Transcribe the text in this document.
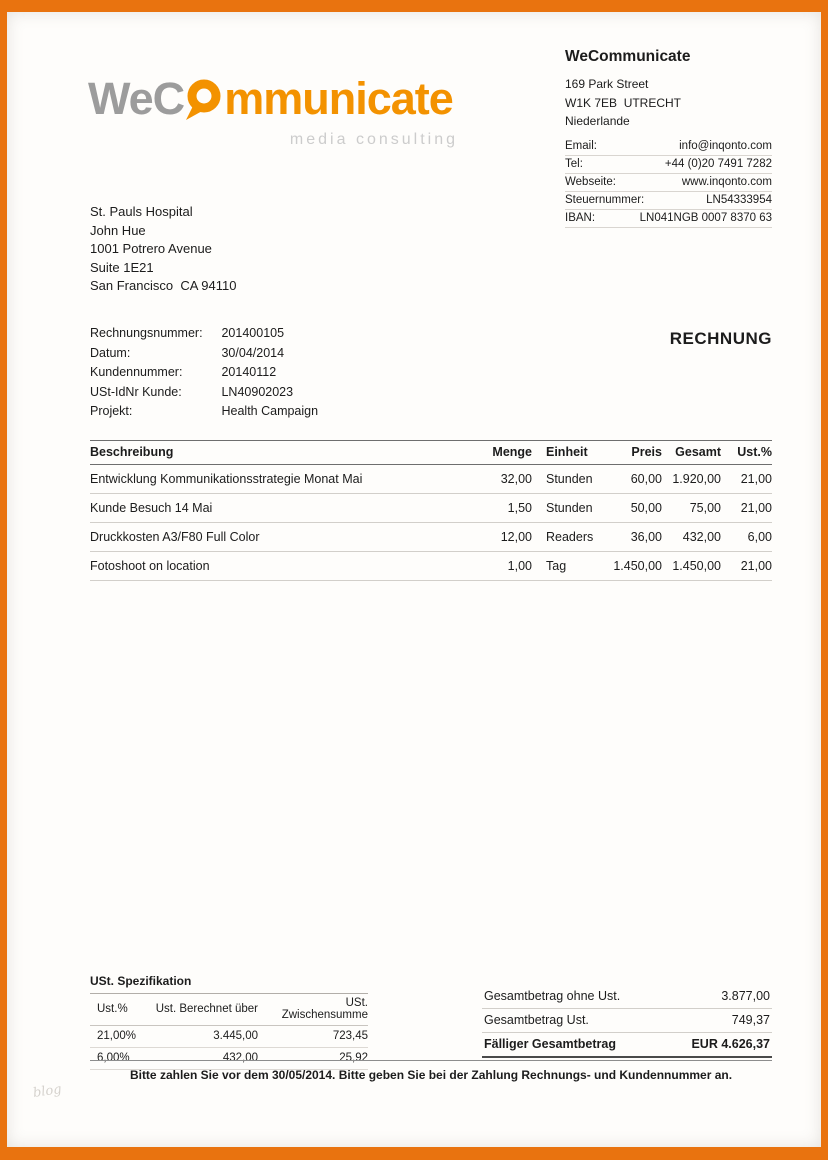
WeC mmunicate
media consulting
WeCommunicate
169 Park Street
W1K 7EB  UTRECHT
Niederlande
Email:	info@inqonto.com
Tel:	+44 (0)20 7491 7282
Webseite:	www.inqonto.com
Steuernummer:	LN54333954
IBAN:	LN041NGB 0007 8370 63
St. Pauls Hospital
John Hue
1001 Potrero Avenue
Suite 1E21
San Francisco  CA 94110
Rechnungsnummer: 201400105
Datum:	30/04/2014
Kundennummer:	20140112
USt-IdNr Kunde:	LN40902023
Projekt:	Health Campaign
RECHNUNG
Beschreibung	Menge	Einheit	Preis	Gesamt	Ust.%
Entwicklung Kommunikationsstrategie Monat Mai	32,00	Stunden	60,00	1.920,00	21,00
Kunde Besuch 14 Mai	1,50	Stunden	50,00	75,00	21,00
Druckkosten A3/F80 Full Color	12,00	Readers	36,00	432,00	6,00
Fotoshoot on location	1,00	Tag	1.450,00	1.450,00	21,00
USt. Spezifikation
Ust.%	Ust. Berechnet über	USt. Zwischensumme
21,00%	3.445,00	723,45
6,00%	432,00	25,92
Gesamtbetrag ohne Ust.	3.877,00
Gesamtbetrag Ust.	749,37
Fälliger Gesamtbetrag	EUR 4.626,37
Bitte zahlen Sie vor dem 30/05/2014. Bitte geben Sie bei der Zahlung Rechnungs- und Kundennummer an.
blog
